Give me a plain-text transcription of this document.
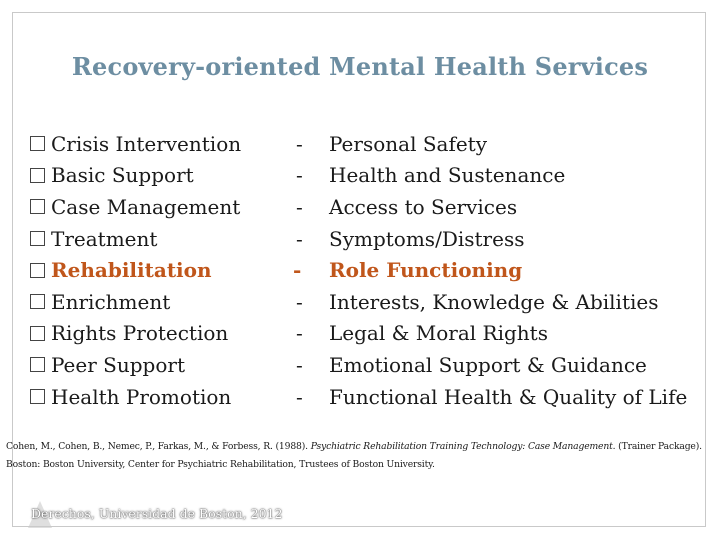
Recovery-oriented Mental Health Services
Crisis Intervention	- Personal Safety
Basic Support	- Health and Sustenance
Case Management	- Access to Services
Treatment	- Symptoms/Distress
Rehabilitation	- Role Functioning
Enrichment	- Interests, Knowledge & Abilities
Rights Protection	- Legal & Moral Rights
Peer Support	- Emotional Support & Guidance
Health Promotion	- Functional Health & Quality of Life
Cohen, M., Cohen, B., Nemec, P., Farkas, M., & Forbess, R. (1988). Psychiatric Rehabilitation Training Technology: Case Management. (Trainer Package). Boston: Boston University, Center for Psychiatric Rehabilitation, Trustees of Boston University.
Derechos, Universidad de Boston, 2012
